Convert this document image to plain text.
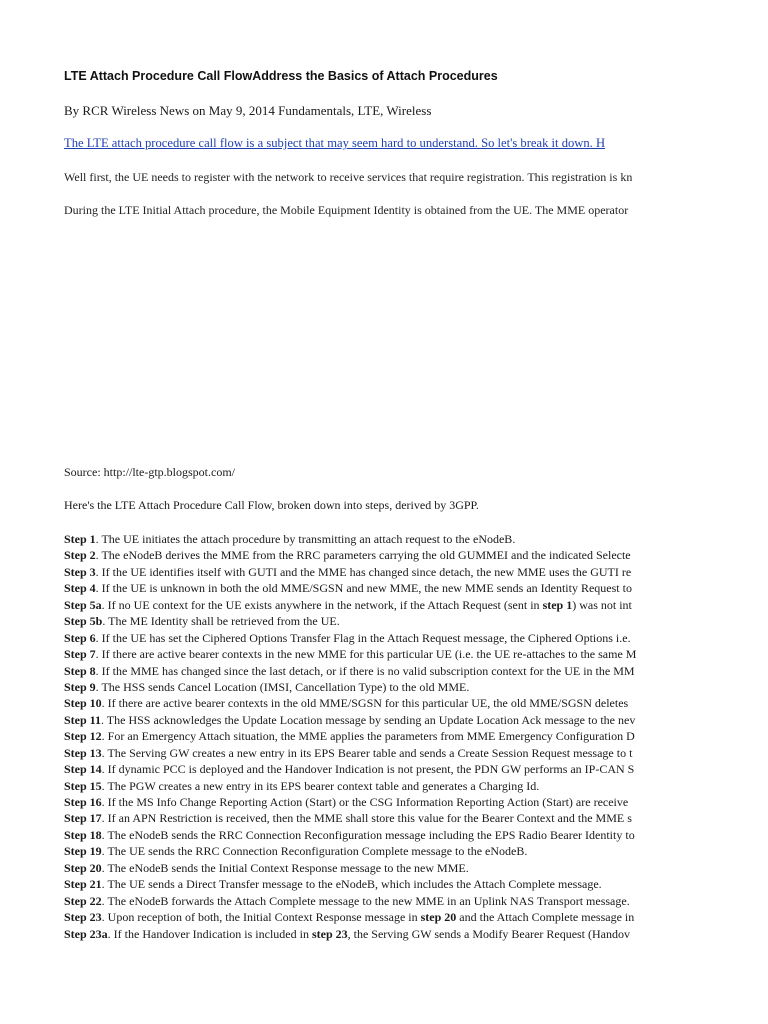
LTE Attach Procedure Call FlowAddress the Basics of Attach Procedures
By RCR Wireless News on May 9, 2014 Fundamentals, LTE, Wireless
The LTE attach procedure call flow is a subject that may seem hard to understand. So let's break it down. H
Well first, the UE needs to register with the network to receive services that require registration. This registration is kn
During the LTE Initial Attach procedure, the Mobile Equipment Identity is obtained from the UE. The MME operator
Source: http://lte-gtp.blogspot.com/
Here's the LTE Attach Procedure Call Flow, broken down into steps, derived by 3GPP.
Step 1. The UE initiates the attach procedure by transmitting an attach request to the eNodeB.
Step 2. The eNodeB derives the MME from the RRC parameters carrying the old GUMMEI and the indicated Selecte
Step 3. If the UE identifies itself with GUTI and the MME has changed since detach, the new MME uses the GUTI re
Step 4. If the UE is unknown in both the old MME/SGSN and new MME, the new MME sends an Identity Request to
Step 5a. If no UE context for the UE exists anywhere in the network, if the Attach Request (sent in step 1) was not int
Step 5b. The ME Identity shall be retrieved from the UE.
Step 6. If the UE has set the Ciphered Options Transfer Flag in the Attach Request message, the Ciphered Options i.e.
Step 7. If there are active bearer contexts in the new MME for this particular UE (i.e. the UE re-attaches to the same M
Step 8. If the MME has changed since the last detach, or if there is no valid subscription context for the UE in the MM
Step 9. The HSS sends Cancel Location (IMSI, Cancellation Type) to the old MME.
Step 10. If there are active bearer contexts in the old MME/SGSN for this particular UE, the old MME/SGSN deletes
Step 11. The HSS acknowledges the Update Location message by sending an Update Location Ack message to the nev
Step 12. For an Emergency Attach situation, the MME applies the parameters from MME Emergency Configuration D
Step 13. The Serving GW creates a new entry in its EPS Bearer table and sends a Create Session Request message to t
Step 14. If dynamic PCC is deployed and the Handover Indication is not present, the PDN GW performs an IP-CAN S
Step 15. The PGW creates a new entry in its EPS bearer context table and generates a Charging Id.
Step 16. If the MS Info Change Reporting Action (Start) or the CSG Information Reporting Action (Start) are receive
Step 17. If an APN Restriction is received, then the MME shall store this value for the Bearer Context and the MME s
Step 18. The eNodeB sends the RRC Connection Reconfiguration message including the EPS Radio Bearer Identity to
Step 19. The UE sends the RRC Connection Reconfiguration Complete message to the eNodeB.
Step 20. The eNodeB sends the Initial Context Response message to the new MME.
Step 21. The UE sends a Direct Transfer message to the eNodeB, which includes the Attach Complete message.
Step 22. The eNodeB forwards the Attach Complete message to the new MME in an Uplink NAS Transport message.
Step 23. Upon reception of both, the Initial Context Response message in step 20 and the Attach Complete message in
Step 23a. If the Handover Indication is included in step 23, the Serving GW sends a Modify Bearer Request (Handov
